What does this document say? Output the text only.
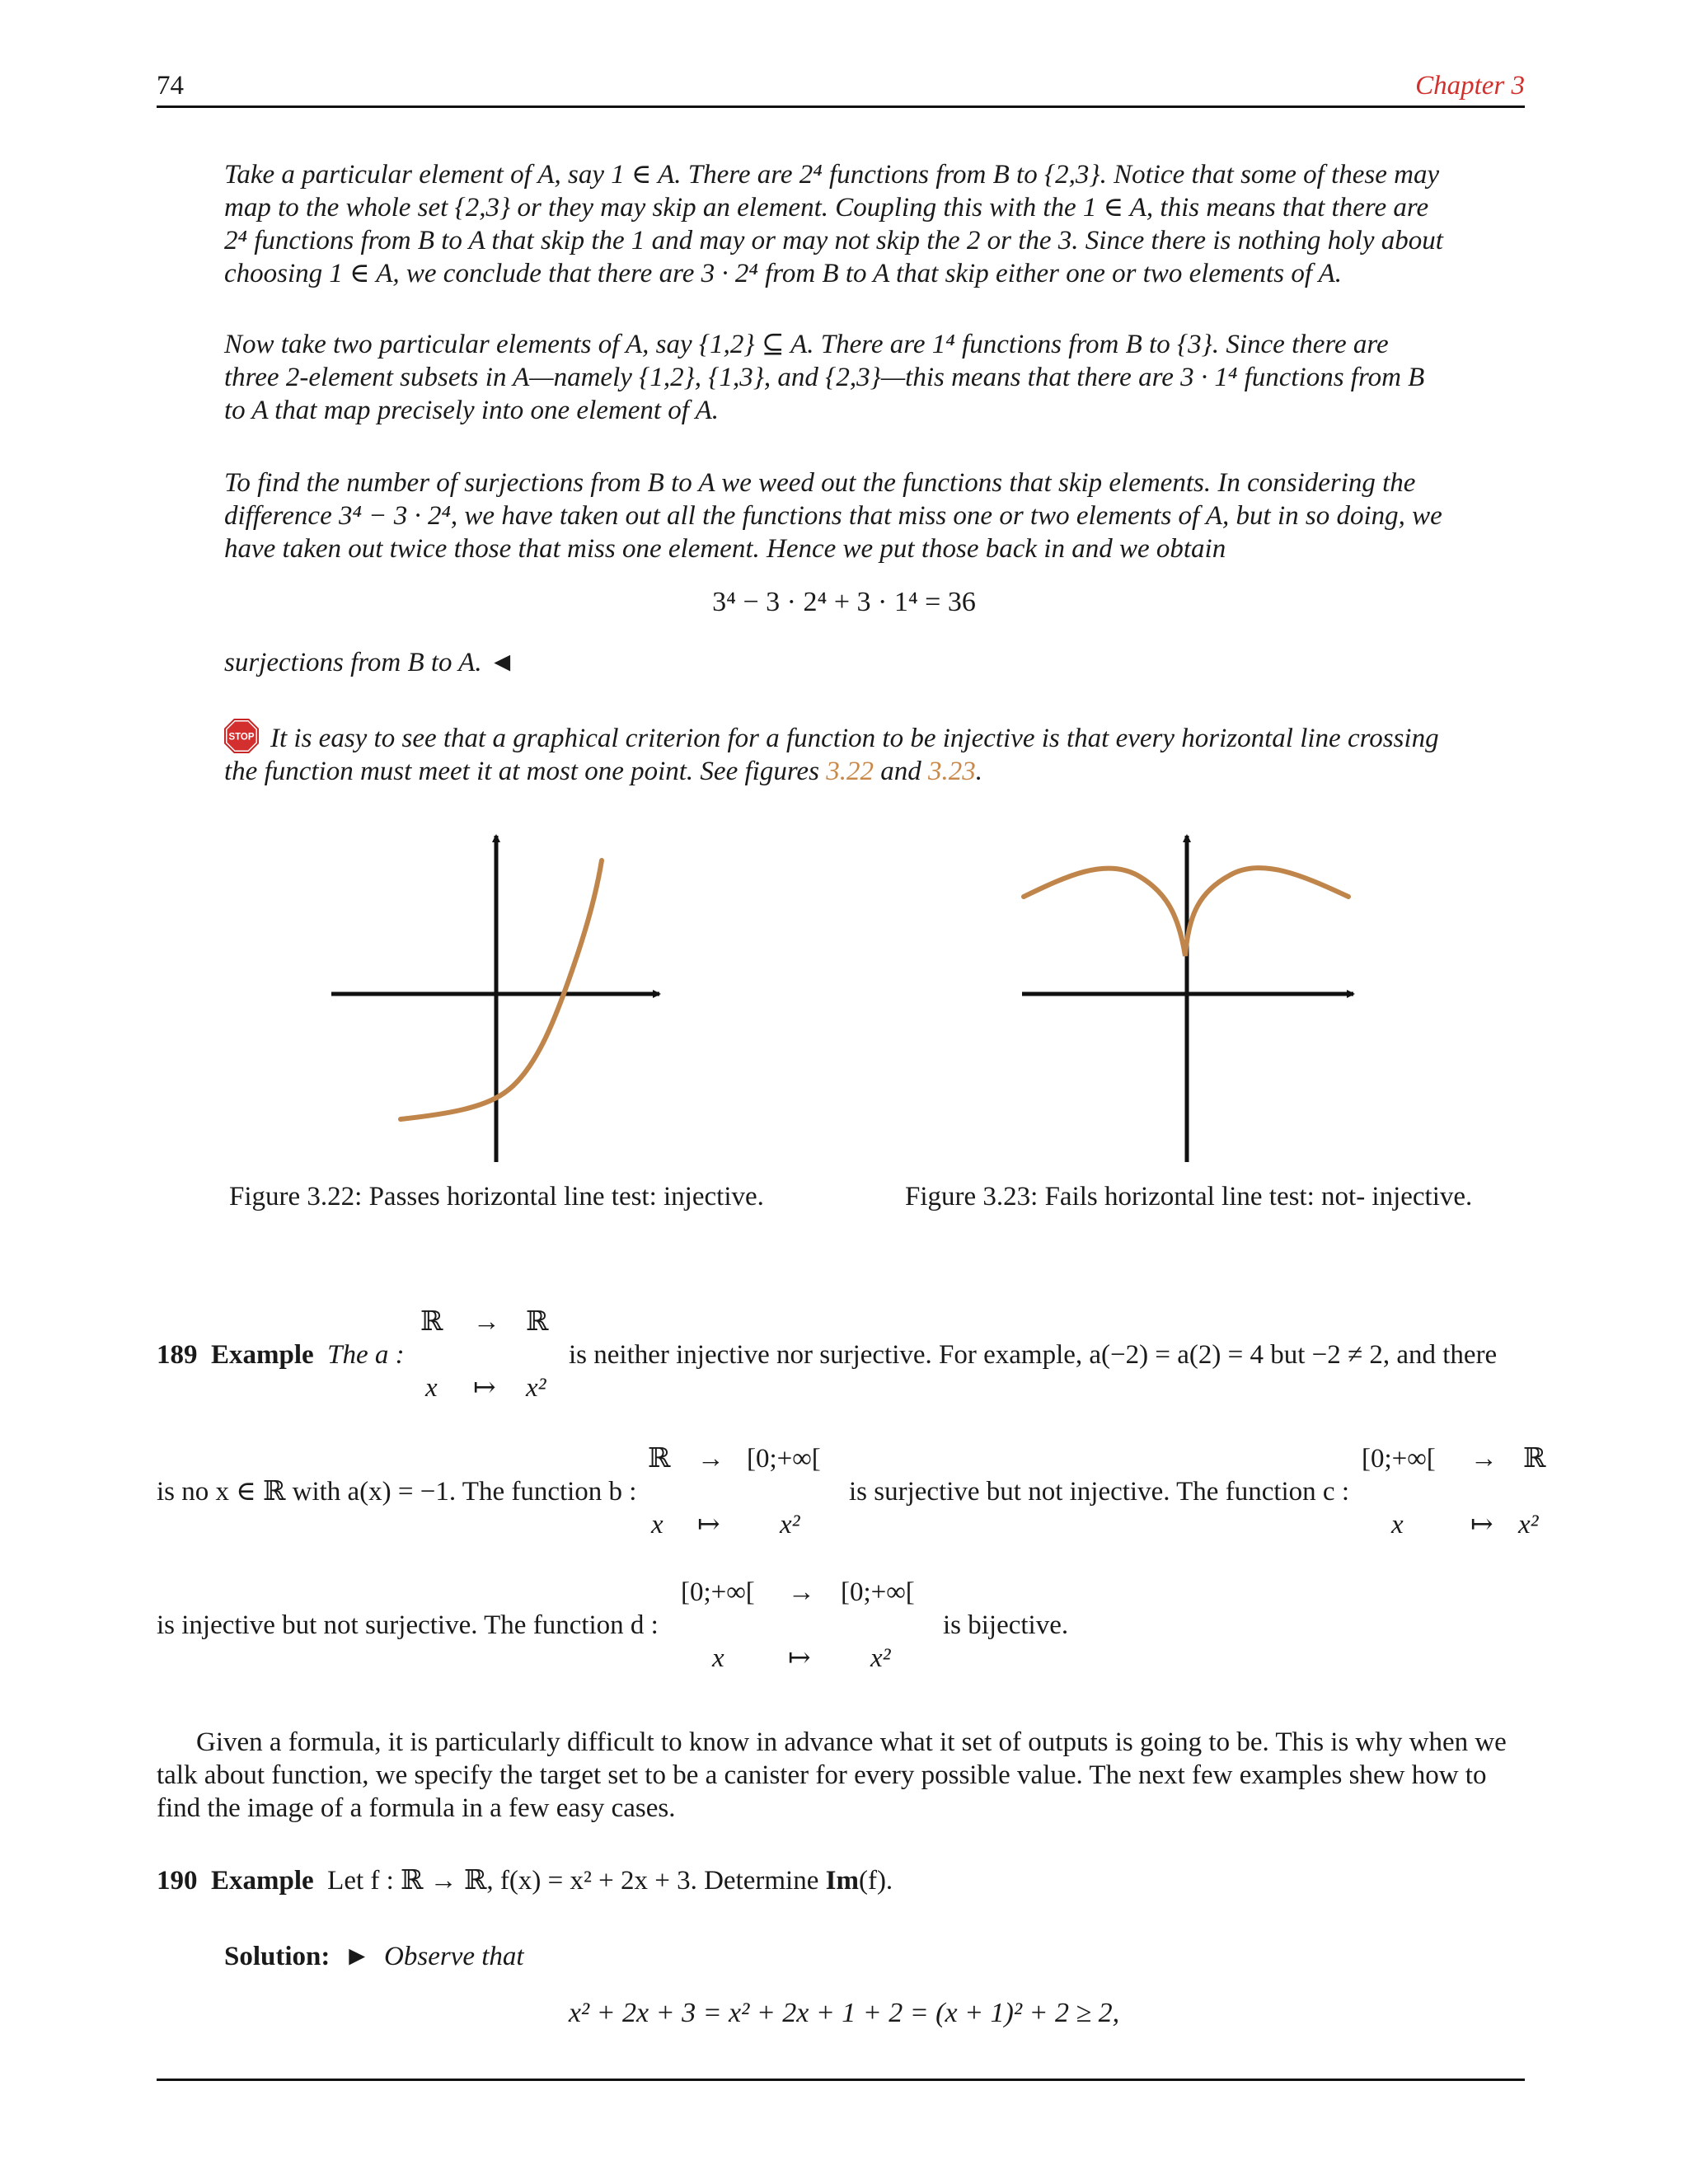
74	Chapter 3
Take a particular element of A, say 1 ∈ A. There are 2⁴ functions from B to {2,3}. Notice that some of these may
map to the whole set {2,3} or they may skip an element. Coupling this with the 1 ∈ A, this means that there are
2⁴ functions from B to A that skip the 1 and may or may not skip the 2 or the 3. Since there is nothing holy about
choosing 1 ∈ A, we conclude that there are 3 · 2⁴ from B to A that skip either one or two elements of A.
Now take two particular elements of A, say {1,2} ⊆ A. There are 1⁴ functions from B to {3}. Since there are
three 2-element subsets in A—namely {1,2}, {1,3}, and {2,3}—this means that there are 3 · 1⁴ functions from B
to A that map precisely into one element of A.
To find the number of surjections from B to A we weed out the functions that skip elements. In considering the
difference 3⁴ − 3 · 2⁴, we have taken out all the functions that miss one or two elements of A, but in so doing, we
have taken out twice those that miss one element. Hence we put those back in and we obtain
3⁴ − 3 · 2⁴ + 3 · 1⁴ = 36
surjections from B to A. ◄
STOP It is easy to see that a graphical criterion for a function to be injective is that every horizontal line crossing
the function must meet it at most one point. See figures 3.22 and 3.23.
Figure 3.22: Passes horizontal line test: injective.	Figure 3.23: Fails horizontal line test: not- injective.
189 Example The a :
ℝ → ℝ
x ↦ x²
is neither injective nor surjective. For example, a(−2) = a(2) = 4 but −2 ≠ 2, and there
is no x ∈ ℝ with a(x) = −1. The function b :
ℝ → [0;+∞[
x ↦ x²
is surjective but not injective. The function c :
[0;+∞[ → ℝ
x ↦ x²
is injective but not surjective. The function d :
[0;+∞[ → [0;+∞[
x ↦ x²
is bijective.
Given a formula, it is particularly difficult to know in advance what it set of outputs is going to be. This is why when we
talk about function, we specify the target set to be a canister for every possible value. The next few examples shew how to
find the image of a formula in a few easy cases.
190 Example Let f : ℝ → ℝ, f(x) = x² + 2x + 3. Determine Im(f).
Solution: ► Observe that
x² + 2x + 3 = x² + 2x + 1 + 2 = (x + 1)² + 2 ≥ 2,
